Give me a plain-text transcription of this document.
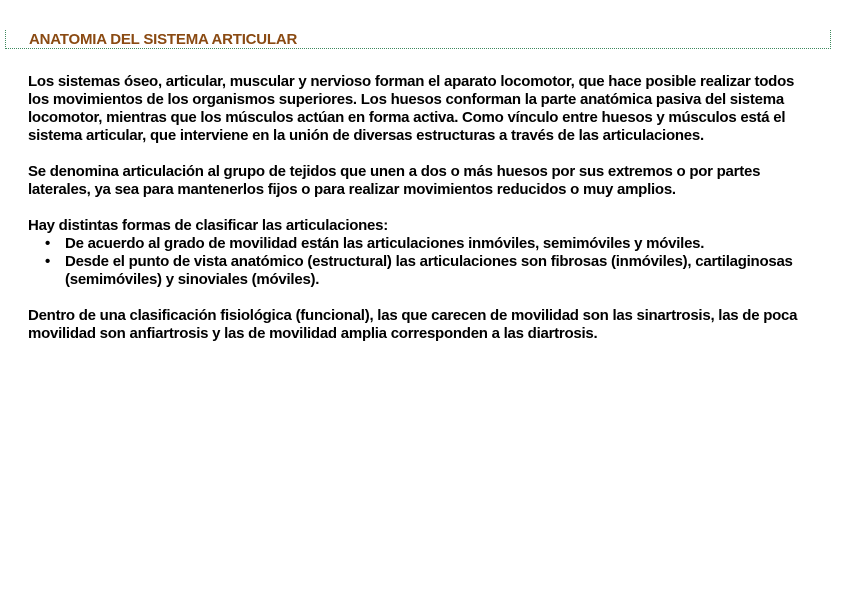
ANATOMIA DEL SISTEMA ARTICULAR

Los sistemas óseo, articular, muscular y nervioso forman el aparato locomotor, que hace posible realizar todos los movimientos de los organismos superiores. Los huesos conforman la parte anatómica pasiva del sistema locomotor, mientras que los músculos actúan en forma activa. Como vínculo entre huesos y músculos está el sistema articular, que interviene en la unión de diversas estructuras a través de las articulaciones.

Se denomina articulación al grupo de tejidos que unen a dos o más huesos por sus extremos o por partes laterales, ya sea para mantenerlos fijos o para realizar movimientos reducidos o muy amplios.

Hay distintas formas de clasificar las articulaciones:

• De acuerdo al grado de movilidad están las articulaciones inmóviles, semimóviles y móviles.
• Desde el punto de vista anatómico (estructural) las articulaciones son fibrosas (inmóviles), cartilaginosas (semimóviles) y sinoviales (móviles).

Dentro de una clasificación fisiológica (funcional), las que carecen de movilidad son las sinartrosis, las de poca movilidad son anfiartrosis y las de movilidad amplia corresponden a las diartrosis.
